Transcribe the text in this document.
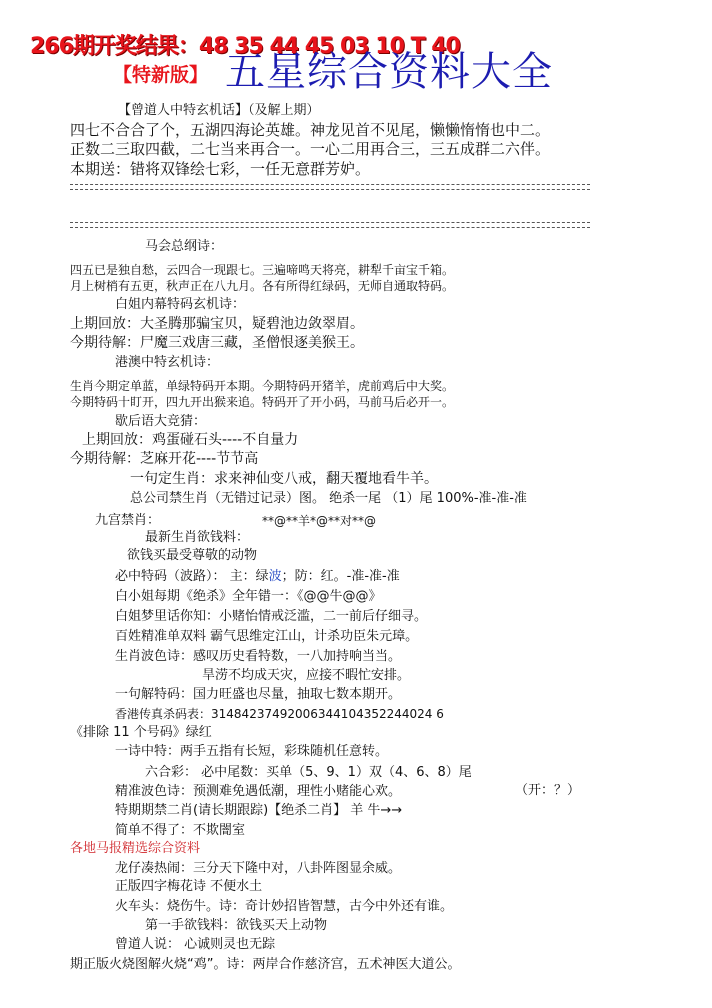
266期开奖结果：48 35 44 45 03 10 T 40
【特新版】 五星综合资料大全
【曾道人中特玄机话】（及解上期）
四七不合合了个，五湖四海论英雄。神龙见首不见尾，懒懒惰惰也中二。
正数二三取四截，二七当来再合一。一心二用再合三，三五成群二六伴。
本期送：错将双锋绘七彩，一任无意群芳妒。
马会总纲诗：
四五已是独自愁，云四合一现跟七。三遍啼鸣天将亮，耕犁千亩宝千箱。
月上树梢有五更，秋声正在八九月。各有所得红绿码，无师自通取特码。
白姐内幕特码玄机诗：
上期回放：大圣腾那骗宝贝，疑碧池边敛翠眉。
今期待解：尸魔三戏唐三藏，圣僧恨逐美猴王。
港澳中特玄机诗：
生肖今期定单蓝，单绿特码开本期。今期特码开猪羊，虎前鸡后中大奖。
今期特码十盯开，四九开出猴来追。特码开了开小码，马前马后必开一。
歇后语大竞猜：
上期回放：鸡蛋碰石头----不自量力
今期待解：芝麻开花----节节高
一句定生肖：求来神仙变八戒，翻天覆地看牛羊。
总公司禁生肖（无错过记录）图。 绝杀一尾 （1）尾 100%-准-准-准
九宫禁肖：	**@**羊*@**对**@
最新生肖欲钱料：
欲钱买最受尊敬的动物
必中特码（波路）： 主：绿波；防：红。-准-准-准
白小姐每期《绝杀》全年错一：《@@牛@@》
白姐梦里话你知：小赌怡情戒泛滥，二一前后仔细寻。
百姓精准单双料 霸气思维定江山，计杀功臣朱元璋。
生肖波色诗：感叹历史看特数，一八加持响当当。
旱涝不均成天灾，应接不暇忙安排。
一句解特码：国力旺盛也尽量，抽取七数本期开。
香港传真杀码表：31484237492006344104352244024 6
《排除 11 个号码》绿红
一诗中特：两手五指有长短，彩珠随机任意转。
六合彩： 必中尾数：买单（5、9、1）双（4、6、8）尾
精准波色诗：预测难免遇低潮，理性小赌能心欢。	（开：？）
特期期禁二肖(请长期跟踪)【绝杀二肖】 羊 牛→→
简单不得了：不欺闇室
各地马报精选综合资料
龙仔凑热闹：三分天下隆中对，八卦阵图显余威。
正版四字梅花诗 不便水土
火车头：烧伤牛。诗：奇计妙招皆智慧，古今中外还有谁。
第一手欲钱料：欲钱买天上动物
曾道人说： 心诚则灵也无踪
期正版火烧图解火烧“鸡”。诗：两岸合作慈济宫，五术神医大道公。
